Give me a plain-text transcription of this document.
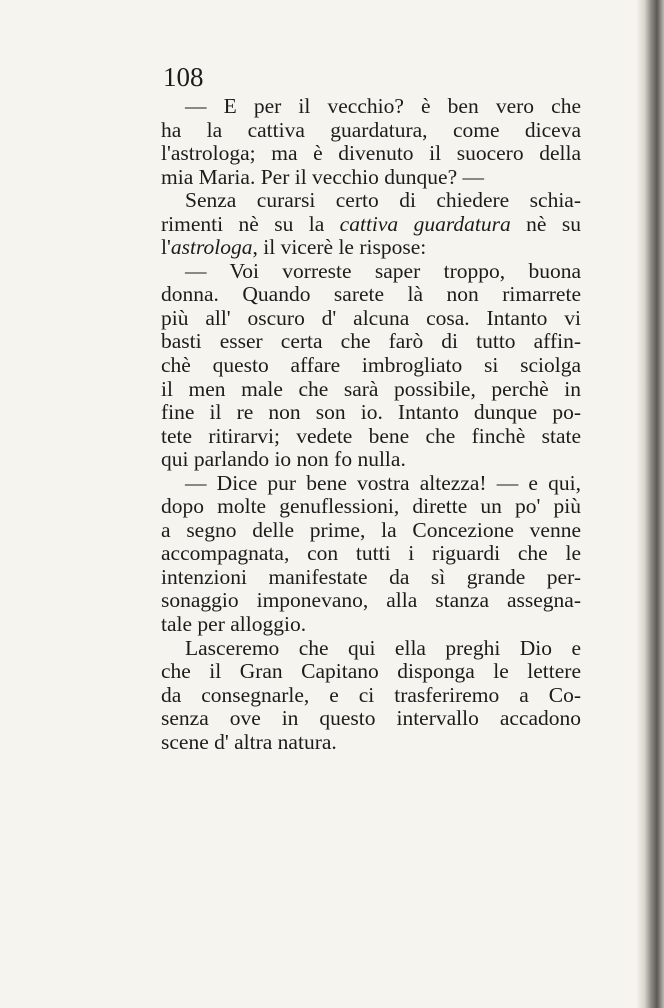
108
— E per il vecchio? è ben vero che
ha la cattiva guardatura, come diceva
l'astrologa; ma è divenuto il suocero della
mia Maria. Per il vecchio dunque? —
Senza curarsi certo di chiedere schia-
rimenti nè su la cattiva guardatura nè su
l'astrologa, il vicerè le rispose:
— Voi vorreste saper troppo, buona
donna. Quando sarete là non rimarrete
più all' oscuro d' alcuna cosa. Intanto vi
basti esser certa che farò di tutto affin-
chè questo affare imbrogliato si sciolga
il men male che sarà possibile, perchè in
fine il re non son io. Intanto dunque po-
tete ritirarvi; vedete bene che finchè state
qui parlando io non fo nulla.
— Dice pur bene vostra altezza! — e qui,
dopo molte genuflessioni, dirette un po' più
a segno delle prime, la Concezione venne
accompagnata, con tutti i riguardi che le
intenzioni manifestate da sì grande per-
sonaggio imponevano, alla stanza assegna-
tale per alloggio.
Lasceremo che qui ella preghi Dio e
che il Gran Capitano disponga le lettere
da consegnarle, e ci trasferiremo a Co-
senza ove in questo intervallo accadono
scene d' altra natura.
